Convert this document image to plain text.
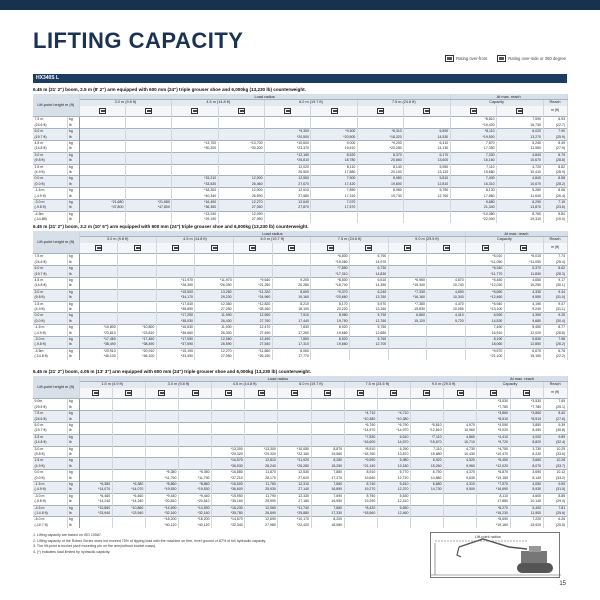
LIFTING CAPACITY
Rating over-front	Rating over-side or 360 degree
HX340S L
6.45 m (21' 2") boom, 2.5 m (8' 2") arm equipped with 600 mm (24") triple grouser shoe and 6,000kg (13,230 lb) counterweight.
Lift-point height m (ft)		Load radius								At max. reach		
		3.0 m (9.8 ft)		4.5 m (14.8 ft)		6.0 m (19.7 ft)		7.5 m (24.6 ft)		Capacity		Reach
												m (ft)
7.5 m	kg									*8,810	7,590	6.93
(24.6 ft)	lb									*19,420	16,730	(22.7)
6.0 m	kg					*9,300	*9,300	*8,310	6,590	*8,110	6,020	7.90
(19.7 ft)	lb					*20,500	*20,500	*18,320	14,530	*19,500	13,270	(25.9)
4.5 m	kg			*13,700	*13,700	*10,600	9,000	*9,200	6,410	7,870	5,240	8.49
(14.8 ft)	lb			*30,200	*30,200	*23,370	19,510	*20,280	14,130	17,350	11,550	(27.9)
3.0 m	kg					*12,160	8,520	8,370	6,170	7,330	4,840	8.79
(9.8 ft)	lb					*26,810	18,780	20,660	13,600	16,160	10,670	(28.8)
1.5 m	kg					12,020	8,110	8,140	5,950	7,110	4,720	8.82
(4.9 ft)	lb					26,500	17,880	20,100	13,120	15,680	10,410	(28.9)
0.0 m	kg			*15,210	12,000	12,550	7,900	8,980	5,810	7,400	4,840	8.58
(0.0 ft)	lb			*33,530	26,460	27,670	17,420	19,800	12,810	16,310	10,670	(28.2)
-1.5 m	kg			*18,300	12,000	12,510	7,850	8,950	5,790	8,130	5,280	8.06
(-4.9 ft)	lb			*40,340	26,590	27,580	17,310	19,730	12,760	17,860	11,640	(26.4)
-3.0 m	kg	*21,680	*21,680	*16,490	12,270	12,640	7,970			9,680	6,290	7.19
(-9.8 ft)	lb	*47,800	*47,800	*36,350	27,050	27,870	17,570			21,340	13,870	(23.6)
-4.5m	kg			*13,240	12,090					*10,080	8,760	5.84
(-14.8ft)	lb			*29,190	27,990					*22,000	19,310	(19.0)
6.45 m (21' 2") boom, 3.2 m (10' 6") arm equipped with 600 mm (24") triple grouser shoe and 6,000kg (13,230 lb) counterweight.
Lift-point height m (ft)		Load radius										At max. reach		
		3.0 m (9.8 ft)		4.5 m (14.8 ft)		6.0 m (19.7 ft)		7.5 m (24.6 ft)		9.0 m (29.5 ft)		Capacity		Reach
														m (ft)
7.5 m	kg							*6,830	6,790			*5,010	*5,010	7.74
(24.6 ft)	lb							*15,060	14,970			*11,050	*11,050	(25.4)
6.0 m	kg							*7,850	6,730			*5,340	5,370	8.62
(19.7 ft)	lb							*17,310	14,830			*11,770	11,830	(28.3)
4.5 m	kg			*11,970	*11,970	*9,640	9,200	*8,500	6,510	*6,960	4,870	*5,450	4,650	9.17
(14.8 ft)	lb			*26,390	*26,390	*21,250	20,280	*18,740	14,350	*15,340	10,740	*12,020	10,250	(30.1)
3.0 m	kg			*15,500	13,260	*11,320	8,690	*9,370	6,240	*7,330	4,690	*5,650	4,330	9.44
(9.8 ft)	lb			*34,170	29,230	*24,960	19,160	*20,660	13,760	*16,160	10,340	*12,460	9,550	(31.0)
1.5 m	kg			*17,640	12,360	*12,820	8,210	8,170	5,970	*7,380	4,470	*5,940	4,190	9.47
(4.9 ft)	lb			*38,890	27,250	*28,260	18,100	20,220	13,160	15,830	10,050	*13,100	9,240	(31.1)
0.0 m	kg			*17,250	11,990	12,590	7,910	8,960	5,790	6,860	4,410	6,590	4,390	9.25
(0.0 ft)	lb			*38,030	26,430	27,760	17,440	19,750	12,760	15,120	9,720	14,530	9,680	(30.4)
-1.5 m	kg	*10,800	*10,800	*16,630	11,930	12,470	7,830	8,920	5,750			7,490	5,450	8.77
(-4.9 ft)	lb	*23,810	*23,810	*36,660	26,300	27,490	17,260	19,660	12,680			16,510	12,020	(28.8)
-3.0 m	kg	*17,460	*17,460	*17,050	12,060	12,490	7,850	8,920	5,760			8,190	5,830	7.98
(-9.8 ft)	lb	*38,490	*38,490	*37,590	26,590	27,540	17,310	19,660	12,700			18,060	12,850	(26.2)
-4.5m	kg	*20,910	*20,910	*15,190	12,270	*11,860	8,060					*9,570	6,670	6.76
(-14.8 ft)	lb	*46,100	*46,100	*33,490	27,050	*26,150	17,770					*21,100	15,150	(22.2)
6.45 m (21' 2") boom, 4.05 m (13' 3") arm equipped with 600 mm (24") triple grouser shoe and 6,000kg (13,230 lb) counterweight.
Lift-point height m (ft)		Load radius												At max. reach		
		1.5 m (4.9 ft)		3.0 m (9.8 ft)		4.5 m (14.8 ft)		6.0 m (19.7 ft)		7.5 m (24.6 ft)		9.0 m (29.5 ft)		Capacity		Reach
																m (ft)
9.0m	kg													*3,530	*3,530	7.65
(29.5 ft)	lb													*7,780	*7,780	(25.1)
7.5 m	kg									*4,710	*4,710			*3,860	*3,860	8.40
(24.6 ft)	lb									*10,380	*10,380			*8,510	*8,510	(27.6)
6.0 m	kg									*6,790	*6,790	*5,810	4,970	*4,090	3,850	9.39
(19.7 ft)	lb									*14,970	*14,970	*12,810	10,960	*9,020	8,490	(30.8)
4.5 m	kg									*7,530	6,610	*7,110	4,860	*4,410	4,000	9.89
(14.8 ft)	lb									*16,600	14,570	*15,670	10,710	*9,720	8,820	(32.4)
3.0 m	kg					*13,300	*13,300	*10,050	8,870	*8,510	6,290	7,110	4,730	*4,750	3,730	10.25
(9.8 ft)	lb					*29,320	*29,320	*22,160	19,560	*18,760	13,870	15,680	10,430	*10,470	8,220	(33.6)
1.5 m	kg					*16,570	12,810	*11,920	8,280	*9,590	5,980	6,920	4,520	*5,450	3,660	10.28
(4.9 ft)	lb					*36,530	28,240	*26,280	18,250	*21,140	13,180	15,260	9,960	*12,020	8,070	(33.7)
0.0 m	kg			*5,350	*5,350	*16,880	11,870	12,530	7,880	8,910	5,770	6,750	4,370	*6,870	3,690	10.12
(0.0 ft)	lb			*11,790	*11,790	*37,210	26,170	27,620	17,370	19,640	12,720	14,880	9,630	*15,150	8,140	(33.2)
-1.5 m	kg	*6,380	*6,380	*8,860	*8,860	*16,600	11,760	12,310	7,660	8,740	5,610	6,680	4,310	*7,570	4,050	9.59
(-4.9 ft)	lb	*14,070	*14,070	*19,530	*19,530	*36,600	25,930	27,140	16,890	19,270	12,370	14,730	9,500	*16,690	8,930	(31.5)
-3.0 m	kg	*6,460	*6,460	*9,440	*9,440	*15,950	11,790	12,330	7,690	8,750	5,630			8,110	4,600	8.85
(-9.8 ft)	lb	*14,240	*14,240	*20,810	*20,810	*35,160	25,990	27,180	16,950	19,290	12,410			17,880	10,140	(29.0)
-4.5 m	kg	*10,860	*10,860	*14,590	*14,590	*16,230	12,060	*11,740	7,860	*8,420	5,650			*8,270	5,400	7.81
(-14.8 ft)	lb	*23,940	*23,940	*32,160	*32,160	*35,780	26,590	*25,880	17,330	*18,560	12,460			*18,230	11,900	(25.6)
-6.0 m	kg			*18,200	*18,200	*14,670	12,690	*10,170	8,200					*8,690	7,220	6.26
(-19.7 ft)	lb			*40,120	*40,120	*32,340	27,980	*22,420	18,080					*19,160	15,920	(20.5)
1. Lifting capacity are based on ISO 10567.
2. Lifting capacity of the Robex Series does not exceed 75% of tipping load with the machine on firm, level ground or 87% of full hydraulic capacity.
3. The lift-point is bucket pivot mounting pin on the arm(without bucket mass).
4. (*) indicates load limited by hydraulic capacity.
Lift-point radius
15
